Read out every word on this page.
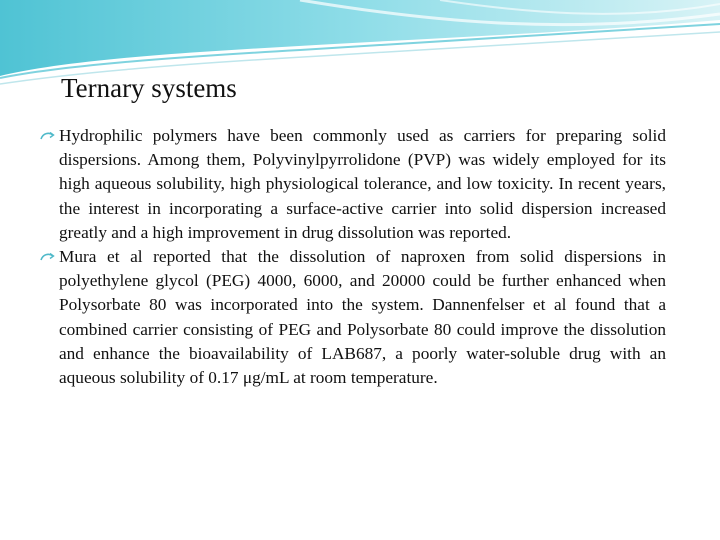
Ternary systems

Hydrophilic polymers have been commonly used as carriers for preparing solid dispersions. Among them, Polyvinylpyrrolidone (PVP) was widely employed for its high aqueous solubility, high physiological tolerance, and low toxicity. In recent years, the interest in incorporating a surface-active carrier into solid dispersion increased greatly and a high improvement in drug dissolution was reported.

Mura et al reported that the dissolution of naproxen from solid dispersions in polyethylene glycol (PEG) 4000, 6000, and 20000 could be further enhanced when Polysorbate 80 was incorporated into the system. Dannenfelser et al found that a combined carrier consisting of PEG and Polysorbate 80 could improve the dissolution and enhance the bioavailability of LAB687, a poorly water-soluble drug with an aqueous solubility of 0.17 μg/mL at room temperature.
